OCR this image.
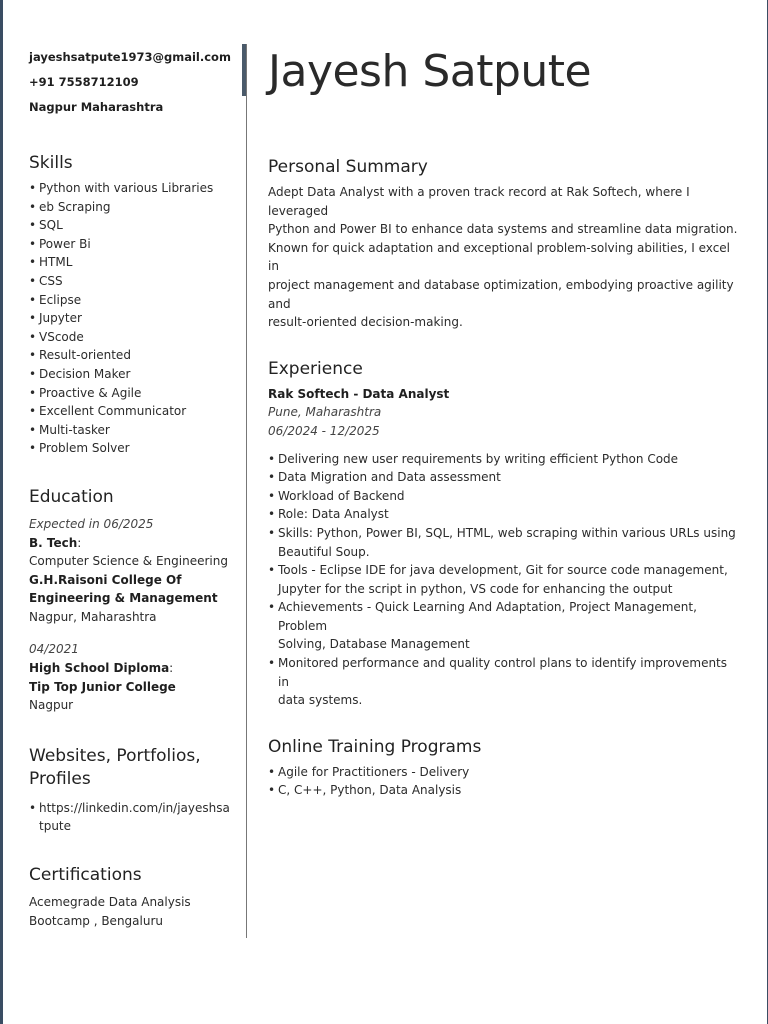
jayeshsatpute1973@gmail.com
+91 7558712109
Nagpur Maharashtra
Skills
• Python with various Libraries
• eb Scraping
• SQL
• Power Bi
• HTML
• CSS
• Eclipse
• Jupyter
• VScode
• Result-oriented
• Decision Maker
• Proactive & Agile
• Excellent Communicator
• Multi-tasker
• Problem Solver
Education
Expected in 06/2025
B. Tech:
Computer Science & Engineering
G.H.Raisoni College Of
Engineering & Management
Nagpur, Maharashtra
04/2021
High School Diploma:
Tip Top Junior College
Nagpur
Websites, Portfolios,
Profiles
• https://linkedin.com/in/jayeshsa
tpute
Certifications
Acemegrade Data Analysis
Bootcamp , Bengaluru
Jayesh Satpute
Personal Summary
Adept Data Analyst with a proven track record at Rak Softech, where I leveraged
Python and Power BI to enhance data systems and streamline data migration.
Known for quick adaptation and exceptional problem-solving abilities, I excel in
project management and database optimization, embodying proactive agility and
result-oriented decision-making.
Experience
Rak Softech - Data Analyst
Pune, Maharashtra
06/2024 - 12/2025
• Delivering new user requirements by writing efficient Python Code
• Data Migration and Data assessment
• Workload of Backend
• Role: Data Analyst
• Skills: Python, Power BI, SQL, HTML, web scraping within various URLs using
Beautiful Soup.
• Tools - Eclipse IDE for java development, Git for source code management,
Jupyter for the script in python, VS code for enhancing the output
• Achievements - Quick Learning And Adaptation, Project Management, Problem
Solving, Database Management
• Monitored performance and quality control plans to identify improvements in
data systems.
Online Training Programs
• Agile for Practitioners - Delivery
• C, C++, Python, Data Analysis
